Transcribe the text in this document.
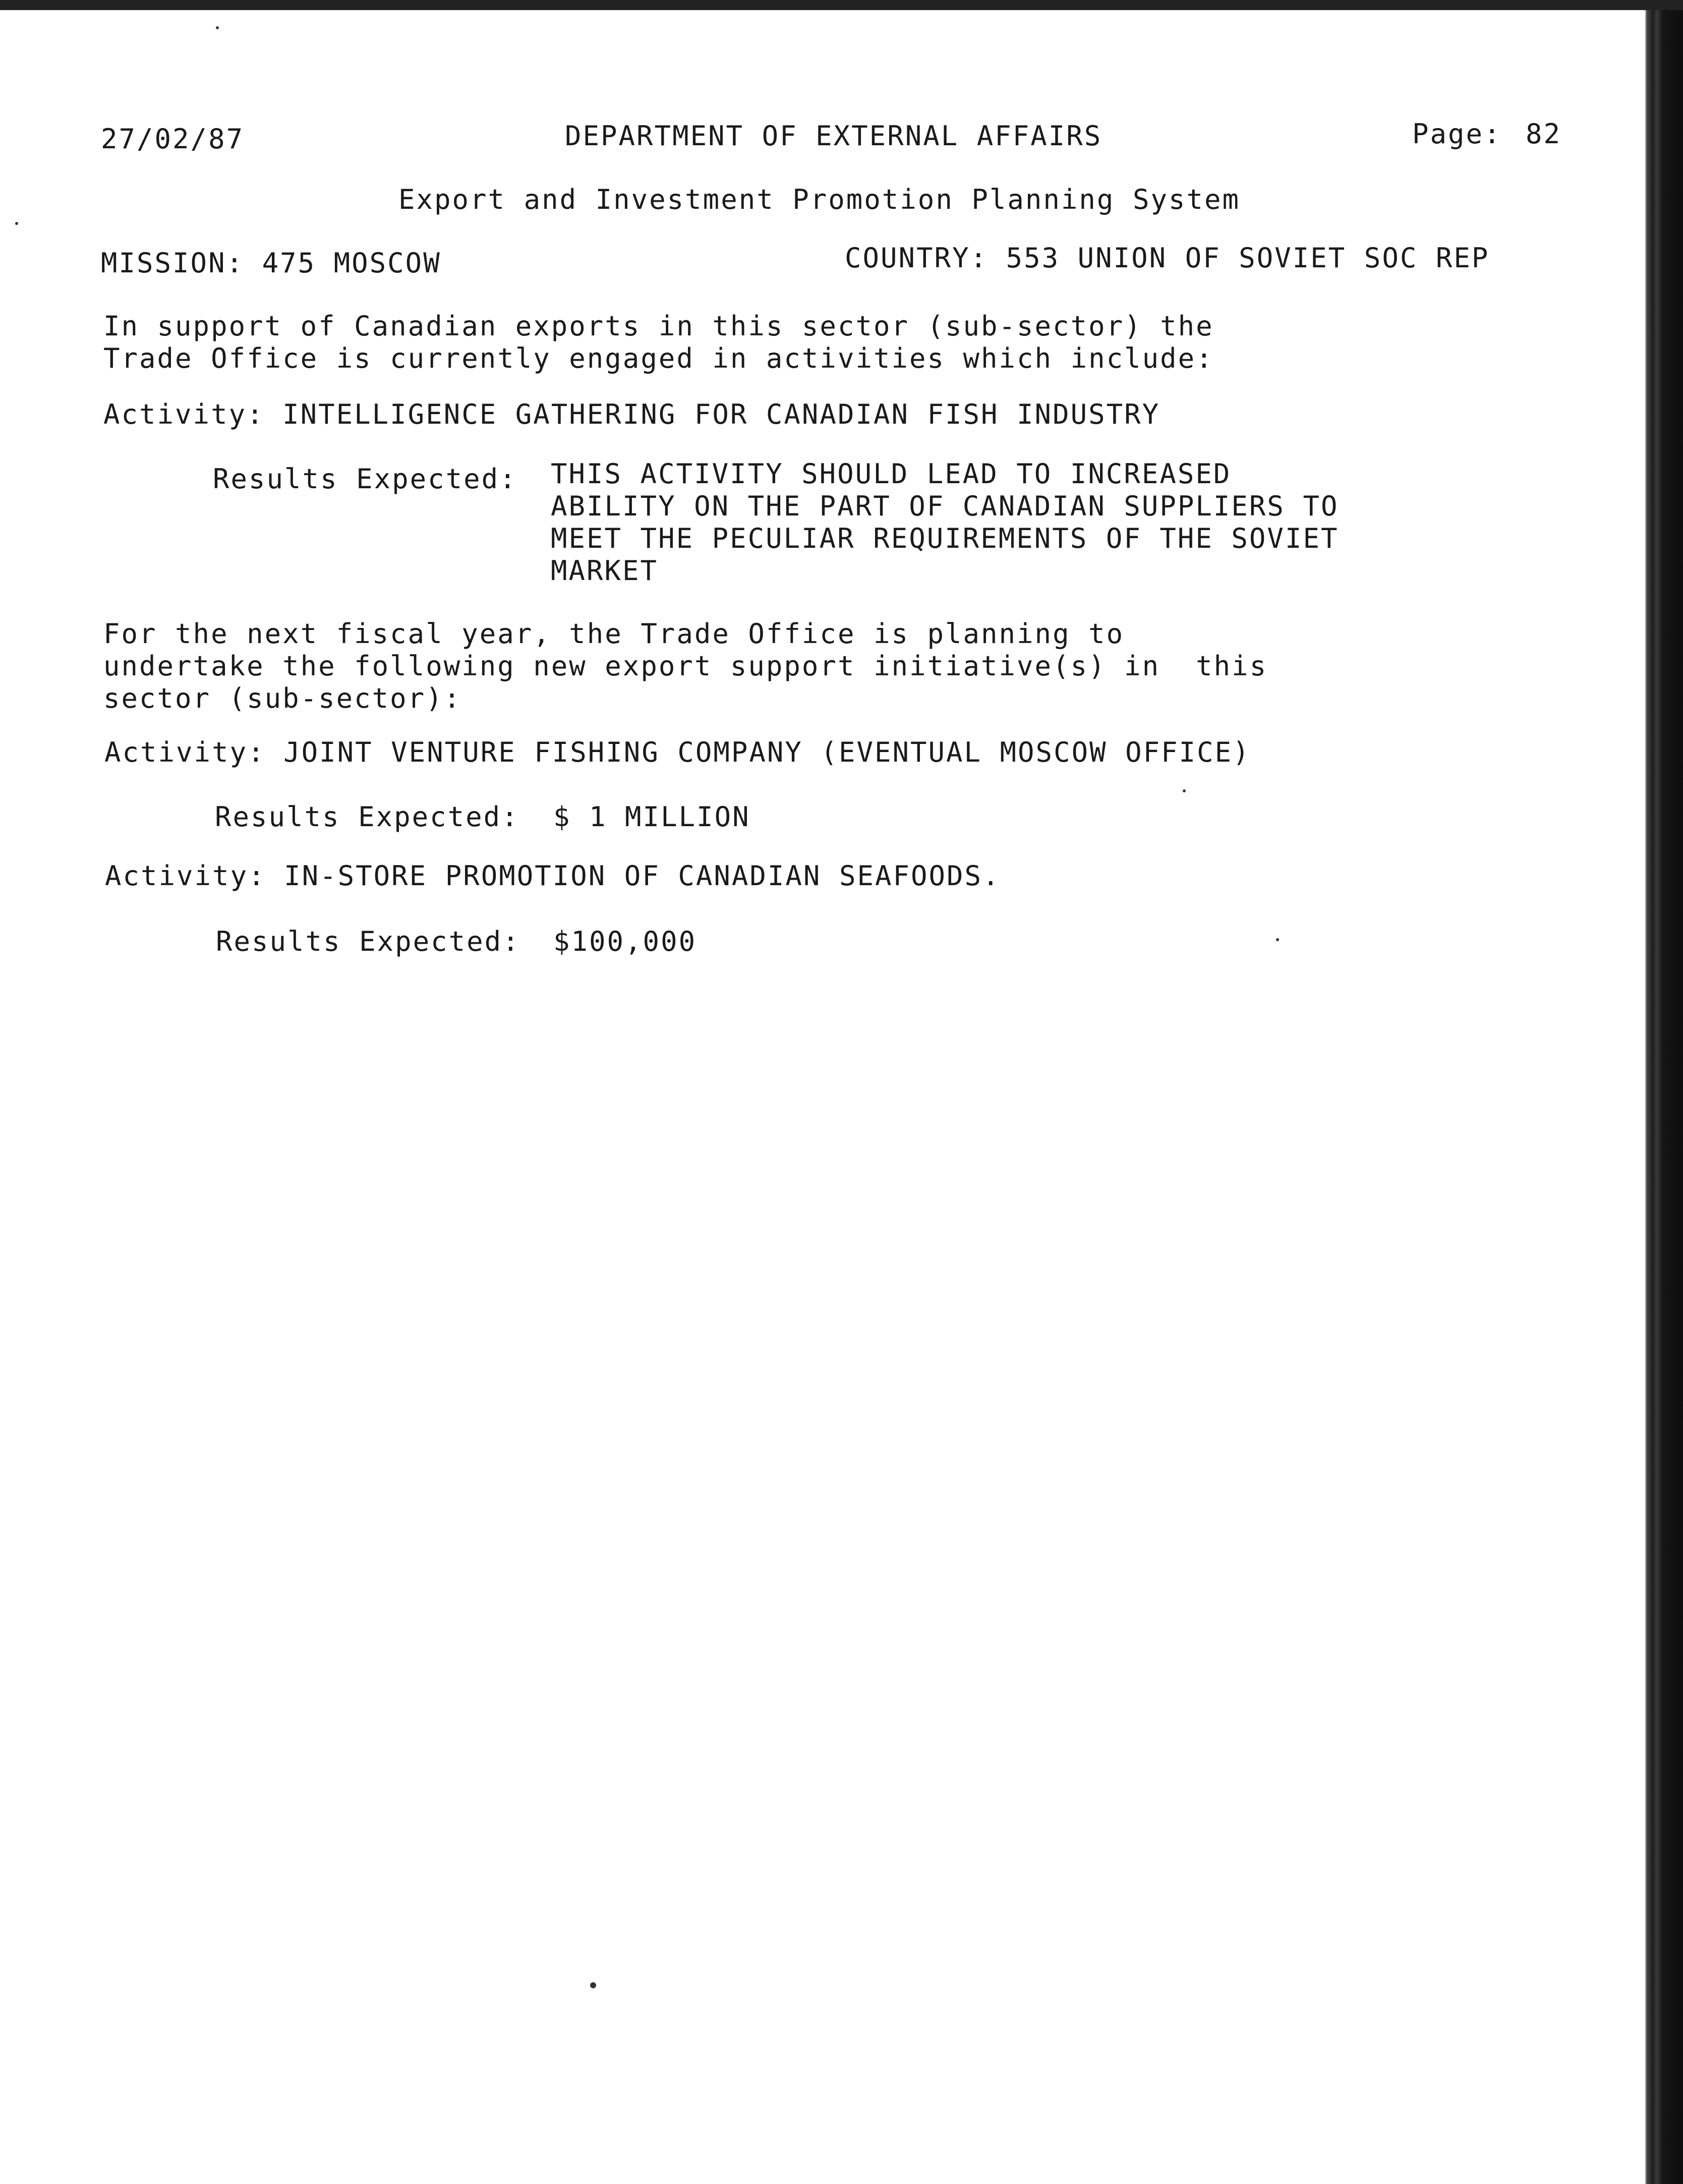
27/02/87	DEPARTMENT OF EXTERNAL AFFAIRS	Page: 82
Export and Investment Promotion Planning System
MISSION: 475 MOSCOW	COUNTRY: 553 UNION OF SOVIET SOC REP
In support of Canadian exports in this sector (sub-sector) the
Trade Office is currently engaged in activities which include:
Activity: INTELLIGENCE GATHERING FOR CANADIAN FISH INDUSTRY
Results Expected: THIS ACTIVITY SHOULD LEAD TO INCREASED
ABILITY ON THE PART OF CANADIAN SUPPLIERS TO
MEET THE PECULIAR REQUIREMENTS OF THE SOVIET
MARKET
For the next fiscal year, the Trade Office is planning to
undertake the following new export support initiative(s) in  this
sector (sub-sector):
Activity: JOINT VENTURE FISHING COMPANY (EVENTUAL MOSCOW OFFICE)
Results Expected: $ 1 MILLION
Activity: IN-STORE PROMOTION OF CANADIAN SEAFOODS.
Results Expected: $100,000
